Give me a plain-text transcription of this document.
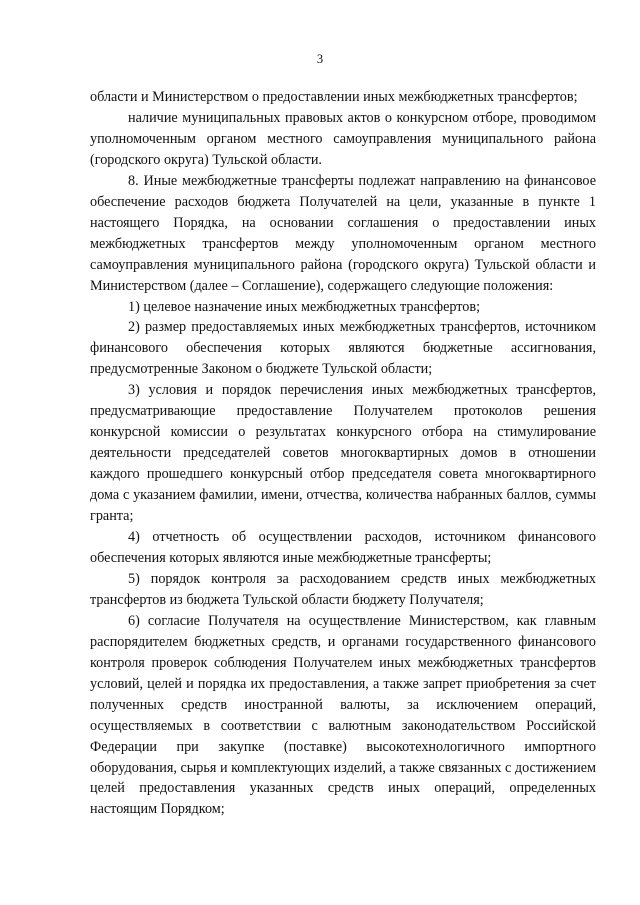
3

области и Министерством о предоставлении иных межбюджетных трансфертов;

наличие муниципальных правовых актов о конкурсном отборе, проводимом уполномоченным органом местного самоуправления муниципального района (городского округа) Тульской области.

8. Иные межбюджетные трансферты подлежат направлению на финансовое обеспечение расходов бюджета Получателей на цели, указанные в пункте 1 настоящего Порядка, на основании соглашения о предоставлении иных межбюджетных трансфертов между уполномоченным органом местного самоуправления муниципального района (городского округа) Тульской области и Министерством (далее – Соглашение), содержащего следующие положения:

1) целевое назначение иных межбюджетных трансфертов;

2) размер предоставляемых иных межбюджетных трансфертов, источником финансового обеспечения которых являются бюджетные ассигнования, предусмотренные Законом о бюджете Тульской области;

3) условия и порядок перечисления иных межбюджетных трансфертов, предусматривающие предоставление Получателем протоколов решения конкурсной комиссии о результатах конкурсного отбора на стимулирование деятельности председателей советов многоквартирных домов в отношении каждого прошедшего конкурсный отбор председателя совета многоквартирного дома с указанием фамилии, имени, отчества, количества набранных баллов, суммы гранта;

4) отчетность об осуществлении расходов, источником финансового обеспечения которых являются иные межбюджетные трансферты;

5) порядок контроля за расходованием средств иных межбюджетных трансфертов из бюджета Тульской области бюджету Получателя;

6) согласие Получателя на осуществление Министерством, как главным распорядителем бюджетных средств, и органами государственного финансового контроля проверок соблюдения Получателем иных межбюджетных трансфертов условий, целей и порядка их предоставления, а также запрет приобретения за счет полученных средств иностранной валюты, за исключением операций, осуществляемых в соответствии с валютным законодательством Российской Федерации при закупке (поставке) высокотехнологичного импортного оборудования, сырья и комплектующих изделий, а также связанных с достижением целей предоставления указанных средств иных операций, определенных настоящим Порядком;
